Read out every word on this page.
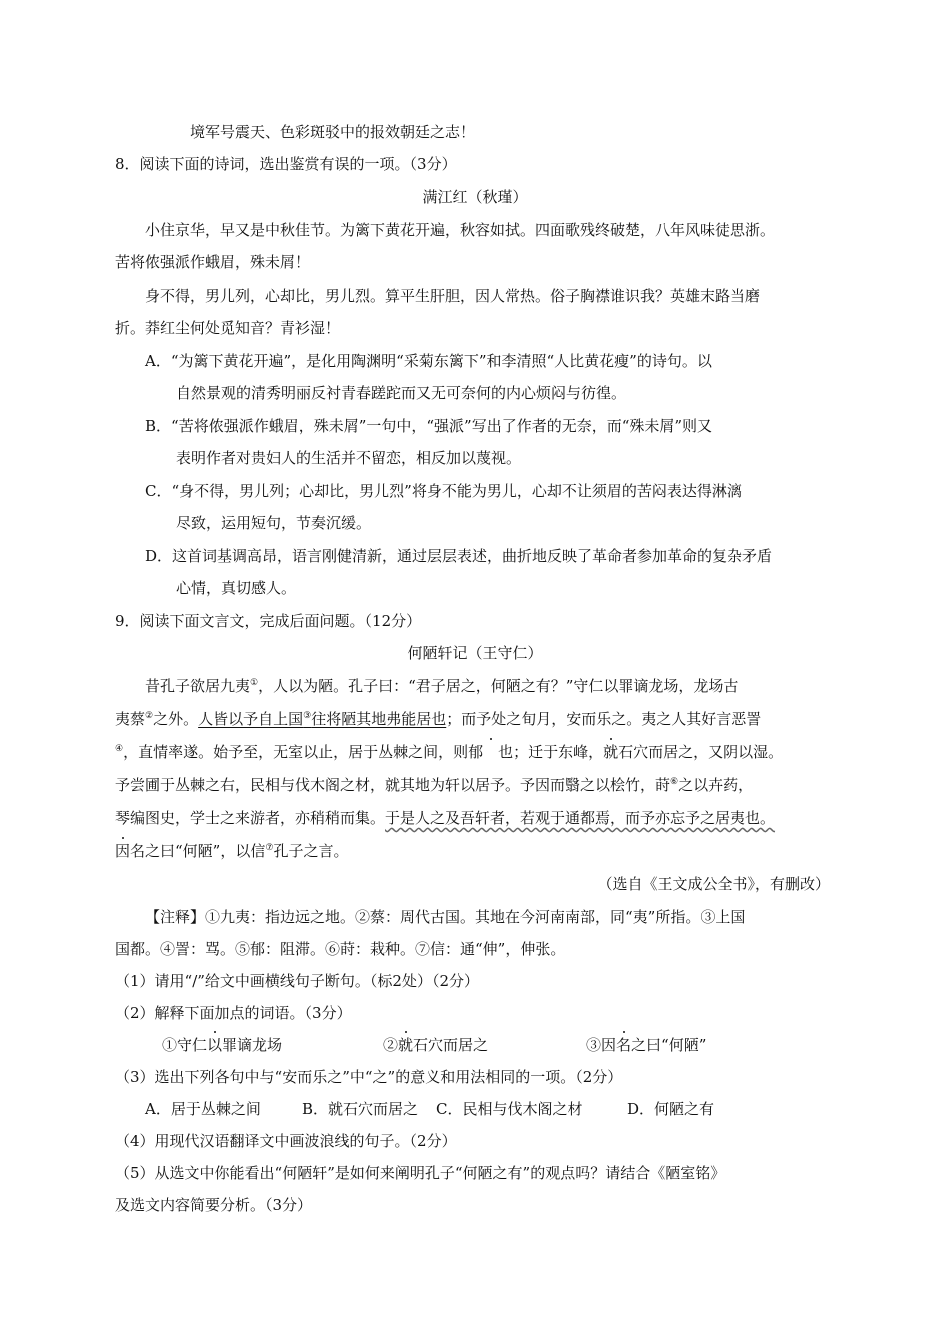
境军号震天、色彩斑驳中的报效朝廷之志！
8．阅读下面的诗词，选出鉴赏有误的一项。（3分）
满江红（秋瑾）
小住京华，早又是中秋佳节。为篱下黄花开遍，秋容如拭。四面歌残终破楚，八年风味徒思浙。
苦将侬强派作蛾眉，殊未屑！
身不得，男儿列，心却比，男儿烈。算平生肝胆，因人常热。俗子胸襟谁识我？英雄末路当磨
折。莽红尘何处觅知音？青衫湿！
A．“为篱下黄花开遍”，是化用陶渊明“采菊东篱下”和李清照“人比黄花瘦”的诗句。以
自然景观的清秀明丽反衬青春蹉跎而又无可奈何的内心烦闷与彷徨。
B．“苦将侬强派作蛾眉，殊未屑”一句中，“强派”写出了作者的无奈，而“殊未屑”则又
表明作者对贵妇人的生活并不留恋，相反加以蔑视。
C．“身不得，男儿列；心却比，男儿烈”将身不能为男儿，心却不让须眉的苦闷表达得淋漓
尽致，运用短句，节奏沉缓。
D．这首词基调高昂，语言刚健清新，通过层层表述，曲折地反映了革命者参加革命的复杂矛盾
心情，真切感人。
9．阅读下面文言文，完成后面问题。（12分）
何陋轩记（王守仁）
昔孔子欲居九夷①，人以为陋。孔子曰：“君子居之，何陋之有？”守仁以罪谪龙场，龙场古
夷蔡②之外。人皆以予自上国③往将陋其地弗能居也；而予处之旬月，安而乐之。夷之人其好言恶詈
④，直情率遂。始予至，无室以止，居于丛棘之间，则郁　 也；迁于东峰，就石穴而居之，又阴以湿。
予尝圃于丛棘之右，民相与伐木阁之材，就其地为轩以居予。予因而翳之以桧竹，莳⑥之以卉药，
琴编图史，学士之来游者，亦稍稍而集。于是人之及吾轩者，若观于通都焉，而予亦忘予之居夷也。
因名之曰“何陋”，以信⑦孔子之言。
（选自《王文成公全书》，有删改）
【注释】①九夷：指边远之地。②蔡：周代古国。其地在今河南南部，同“夷”所指。③上国
国都。④詈：骂。⑤郁：阻滞。⑥莳：栽种。⑦信：通“伸”，伸张。
（1）请用“/”给文中画横线句子断句。（标2处）（2分）
（2）解释下面加点的词语。（3分）
①守仁以罪谪龙场	②就石穴而居之	③因名之曰“何陋”
（3）选出下列各句中与“安而乐之”中“之”的意义和用法相同的一项。（2分）
A．居于丛棘之间	B．就石穴而居之 C．民相与伐木阁之材	D．何陋之有
（4）用现代汉语翻译文中画波浪线的句子。（2分）
（5）从选文中你能看出“何陋轩”是如何来阐明孔子“何陋之有”的观点吗？请结合《陋室铭》
及选文内容简要分析。（3分）
